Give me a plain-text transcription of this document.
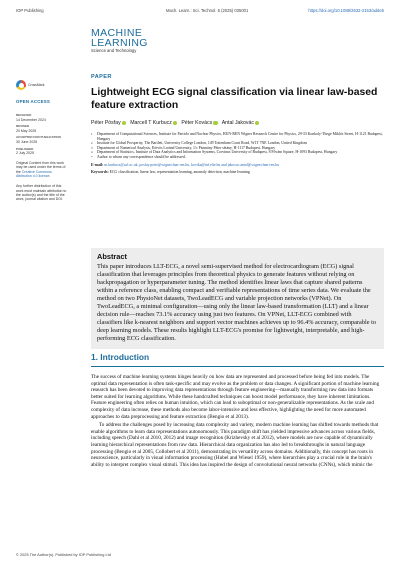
IOP Publishing	Mach. Learn.: Sci. Technol. 6 (2025) 035001	https://doi.org/10.1088/2632-2153/adde5
MACHINE
LEARNING
Science and Technology
CrossMark
OPEN ACCESS
RECEIVED
14 December 2024
REVISED
20 May 2025
ACCEPTED FOR PUBLICATION
30 June 2025
PUBLISHED
2 July 2025
Original Content from this work may be used under the terms of the Creative Commons Attribution 4.0 licence.
Any further distribution of this work must maintain attribution to the author(s) and the title of the work, journal citation and DOI.
PAPER
Lightweight ECG signal classification via linear law-based feature extraction
Péter Pósfay Marcell T Kurbucz Péter Kovács Antal Jakovác
1	Department of Computational Sciences, Institute for Particle and Nuclear Physics, HUN-REN Wigner Research Centre for Physics, 29-33 Konkoly-Thege Miklós Street, H-1121 Budapest, Hungary
2	Institute for Global Prosperity, The Bartlett, University College London, 149 Tottenham Court Road, W1T 7NE London, United Kingdom
3	Department of Numerical Analysis, Eötvös Loránd University, 1/c Pázmány Péter sétány, H-1117 Budapest, Hungary
4	Department of Statistics, Institute of Data Analytics and Information Systems, Corvinus University of Budapest, 8 Fővám Square, H-1093 Budapest, Hungary
*	Author to whom any correspondence should be addressed.
E-mail: m.kurbucz@ucl.ac.uk, posfay.peter@wigner.hun-ren.hu, kovika@inf.elte.hu and jakovac.antal@wigner.hun-ren.hu
Keywords: ECG classification, linear law, representation learning, anomaly detection, machine learning
Abstract

This paper introduces LLT-ECG, a novel semi-supervised method for electrocardiogram (ECG) signal classification that leverages principles from theoretical physics to generate features without relying on backpropagation or hyperparameter tuning. The method identifies linear laws that capture shared patterns within a reference class, enabling compact and verifiable representations of time series data. We evaluate the method on two PhysioNet datasets, TwoLeadECG and variable projection networks (VPNet). On TwoLeadECG, a minimal configuration—using only the linear law-based transformation (LLT) and a linear decision rule—reaches 73.1% accuracy using just two features. On VPNet, LLT-ECG combined with classifiers like k-nearest neighbors and support vector machines achieves up to 96.4% accuracy, comparable to deep learning models. These results highlight LLT-ECG's promise for lightweight, interpretable, and high-performing ECG classification.

1. Introduction

The success of machine learning systems hinges heavily on how data are represented and processed before being fed into models. The optimal data representation is often task-specific and may evolve as the problem or data changes. A significant portion of machine learning research has been devoted to improving data representations through feature engineering—manually transforming raw data into formats better suited for learning algorithms. While these handcrafted techniques can boost model performance, they have inherent limitations. Feature engineering often relies on human intuition, which can lead to suboptimal or non-generalizable representations. As the scale and complexity of data increase, these methods also become labor-intensive and less effective, highlighting the need for more automated approaches to data preprocessing and feature extraction (Bengio et al 2013).

To address the challenges posed by increasing data complexity and variety, modern machine learning has shifted towards methods that enable algorithms to learn data representations autonomously. This paradigm shift has yielded impressive advances across various fields, including speech (Dahl et al 2010, 2012) and image recognition (Krizhevsky et al 2012), where models are now capable of dynamically learning hierarchical representations from raw data. Hierarchical data organization has also led to breakthroughs in natural language processing (Bengio et al 2005, Collobert et al 2011), demonstrating its versatility across domains. Additionally, this concept has roots in neuroscience, particularly in visual information processing (Hubel and Wiesel 1959), where hierarchies play a crucial role in the brain's ability to interpret complex visual stimuli. This idea has inspired the design of convolutional neural networks (CNNs), which mimic the

© 2025 The Author(s). Published by IOP Publishing Ltd
